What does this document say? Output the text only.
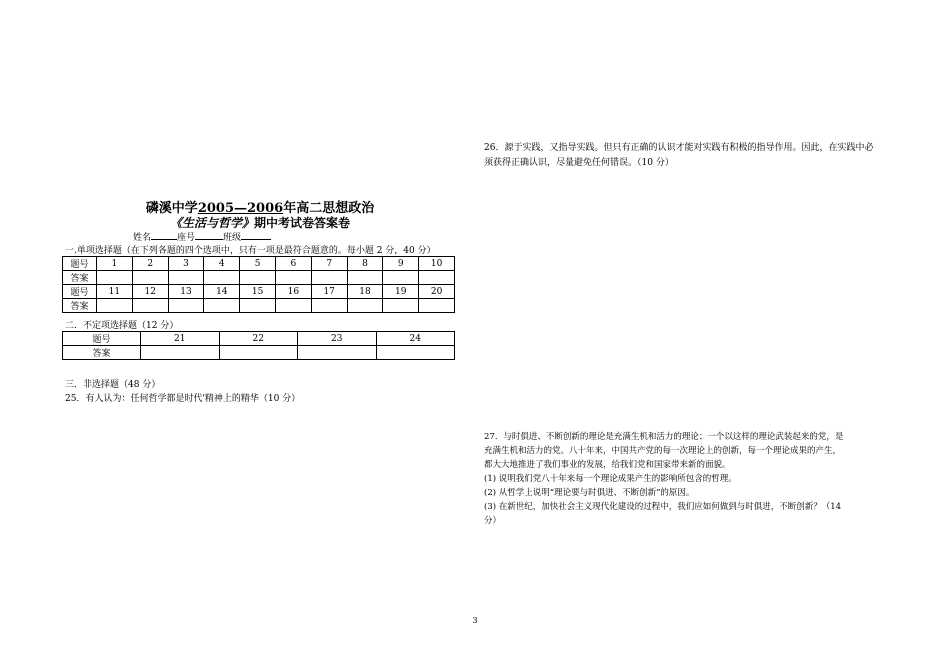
磷溪中学2005—2006年高二思想政治
《生活与哲学》期中考试卷答案卷
姓名	座号	班级
一.单项选择题（在下列各题的四个选项中，只有一项是最符合题意的。每小题 2 分，40 分）
题号	1	2	3	4	5	6	7	8	9	10
答案										
题号	11	12	13	14	15	16	17	18	19	20
答案										
二．不定项选择题（12 分）
题号	21	22	23	24
答案				
三．非选择题（48 分）
25．有人认为：任何哲学都是时代'精神上的精华（10 分）
26．源于实践，又指导实践。但只有正确的认识才能对实践有积极的指导作用。因此，在实践中必
须获得正确认识，尽量避免任何错误。（10 分）
27．与时俱进、不断创新的理论是充满生机和活力的理论；一个以这样的理论武装起来的党，是
充满生机和活力的党。八十年来，中国共产党的每一次理论上的创新，每一个理论成果的产生，
都大大地推进了我们事业的发展，给我们党和国家带来新的面貌。
(1) 说明我们党八十年来每一个理论成果产生的影响所包含的哲理。
(2) 从哲学上说明“理论要与时俱进、不断创新”的原因。
(3) 在新世纪，加快社会主义现代化建设的过程中，我们应如何做到与时俱进，不断创新？（14
分）
3
